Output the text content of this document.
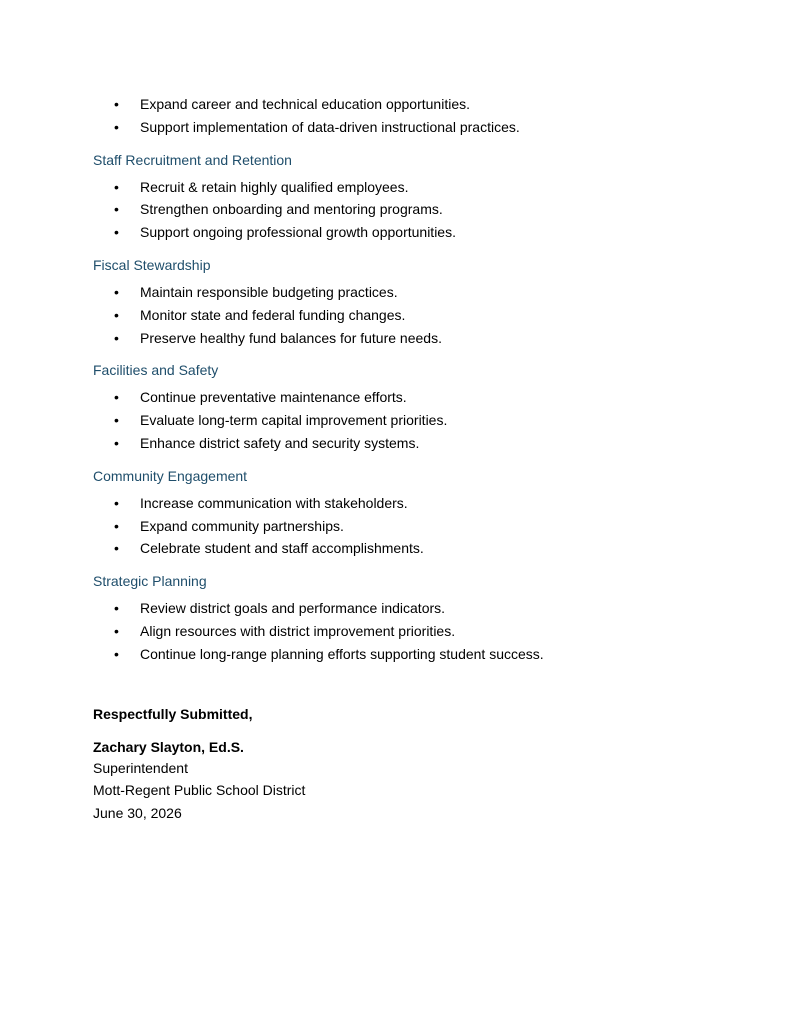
• Expand career and technical education opportunities.
• Support implementation of data-driven instructional practices.
Staff Recruitment and Retention
• Recruit & retain highly qualified employees.
• Strengthen onboarding and mentoring programs.
• Support ongoing professional growth opportunities.
Fiscal Stewardship
• Maintain responsible budgeting practices.
• Monitor state and federal funding changes.
• Preserve healthy fund balances for future needs.
Facilities and Safety
• Continue preventative maintenance efforts.
• Evaluate long-term capital improvement priorities.
• Enhance district safety and security systems.
Community Engagement
• Increase communication with stakeholders.
• Expand community partnerships.
• Celebrate student and staff accomplishments.
Strategic Planning
• Review district goals and performance indicators.
• Align resources with district improvement priorities.
• Continue long-range planning efforts supporting student success.
Respectfully Submitted,
Zachary Slayton, Ed.S.
Superintendent
Mott-Regent Public School District
June 30, 2026
